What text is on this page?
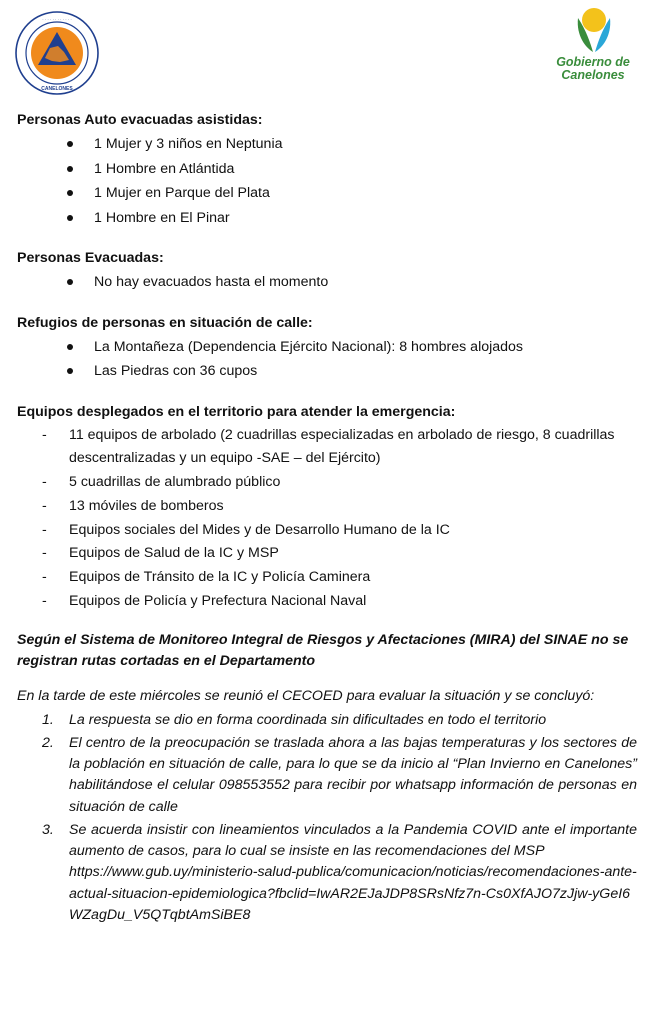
· · · · · · · · · · · ·
CANELONES
Gobierno de
Canelones

Personas Auto evacuadas asistidas:

1 Mujer y 3 niños en Neptunia
1 Hombre en Atlántida
1 Mujer en Parque del Plata
1 Hombre en El Pinar

Personas Evacuadas:

No hay evacuados hasta el momento

Refugios de personas en situación de calle:

La Montañeza (Dependencia Ejército Nacional): 8 hombres alojados
Las Piedras con 36 cupos

Equipos desplegados en el territorio para atender la emergencia:

- 11 equipos de arbolado (2 cuadrillas especializadas en arbolado de riesgo, 8 cuadrillas descentralizadas y un equipo -SAE – del Ejército)
- 5 cuadrillas de alumbrado público
- 13 móviles de bomberos
- Equipos sociales del Mides y de Desarrollo Humano de la IC
- Equipos de Salud de la IC y MSP
- Equipos de Tránsito de la IC y Policía Caminera
- Equipos de Policía y Prefectura Nacional Naval

Según el Sistema de Monitoreo Integral de Riesgos y Afectaciones (MIRA) del SINAE no se registran rutas cortadas en el Departamento

En la tarde de este miércoles se reunió el CECOED para evaluar la situación y se concluyó:

1. La respuesta se dio en forma coordinada sin dificultades en todo el territorio
2. El centro de la preocupación se traslada ahora a las bajas temperaturas y los sectores de la población en situación de calle, para lo que se da inicio al “Plan Invierno en Canelones” habilitándose el celular 098553552 para recibir por whatsapp información de personas en situación de calle
3. Se acuerda insistir con lineamientos vinculados a la Pandemia COVID ante el importante aumento de casos, para lo cual se insiste en las recomendaciones del MSP
https://www.gub.uy/ministerio-salud-publica/comunicacion/noticias/recomendaciones-ante-actual-situacion-epidemiologica?fbclid=IwAR2EJaJDP8SRsNfz7n-Cs0XfAJO7zJjw-yGeI6WZagDu_V5QTqbtAmSiBE8
